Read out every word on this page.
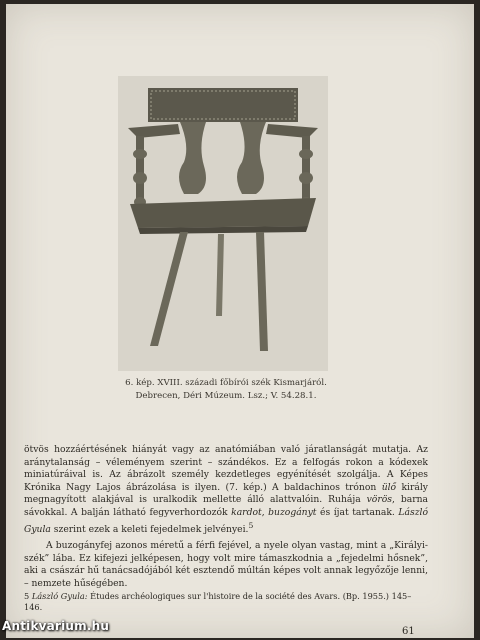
6. kép. XVIII. századi főbírói szék Kismarjáról.
Debrecen, Déri Múzeum. Lsz.; V. 54.28.1.

ötvös hozzáértésének hiányát vagy az anatómiában való járatlanságát mutatja. Az aránytalanság – véleményem szerint – szándékos. Ez a felfogás rokon a kódexek miniatúráival is. Az ábrázolt személy kezdetleges egyénítését szolgálja. A Képes Krónika Nagy Lajos ábrázolása is ilyen. (7. kép.) A baldachinos trónon ülő király megnagyított alakjával is uralkodik mellette álló alattvalóin. Ruhája vörös, barna sávokkal. A balján látható fegyverhordozók kardot, buzogányt és íjat tartanak. László Gyula szerint ezek a keleti fejedelmek jelvényei.$^5$

A buzogányfej azonos méretű a férfi fejével, a nyele olyan vastag, mint a „Királyi-szék” lába. Ez kifejezi jelképesen, hogy volt mire támaszkodnia a „fejedelmi hősnek”, aki a császár hű tanácsadójából két esztendő múltán képes volt annak legyőzője lenni, – nemzete hűségében.

5 László Gyula: Études archéologiques sur l'histoire de la société des Avars. (Bp. 1955.) 145–146.
61
Antikvarium.hu
